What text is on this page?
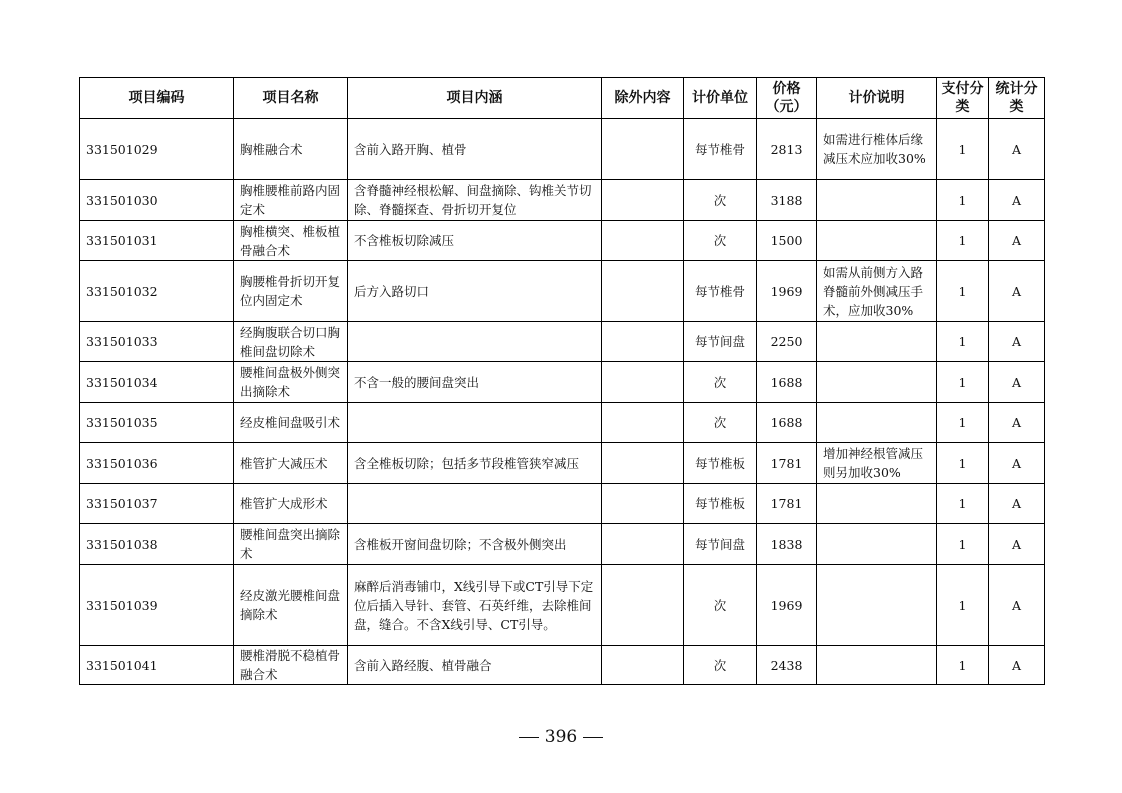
项目编码	项目名称	项目内涵	除外内容	计价单位	价格（元）	计价说明	支付分类	统计分类
331501029	胸椎融合术	含前入路开胸、植骨		每节椎骨	2813	如需进行椎体后缘减压术应加收30%	1	A
331501030	胸椎腰椎前路内固定术	含脊髓神经根松解、间盘摘除、钩椎关节切除、脊髓探查、骨折切开复位		次	3188		1	A
331501031	胸椎横突、椎板植骨融合术	不含椎板切除减压		次	1500		1	A
331501032	胸腰椎骨折切开复位内固定术	后方入路切口		每节椎骨	1969	如需从前侧方入路脊髓前外侧减压手术，应加收30%	1	A
331501033	经胸腹联合切口胸椎间盘切除术			每节间盘	2250		1	A
331501034	腰椎间盘极外侧突出摘除术	不含一般的腰间盘突出		次	1688		1	A
331501035	经皮椎间盘吸引术			次	1688		1	A
331501036	椎管扩大减压术	含全椎板切除；包括多节段椎管狭窄减压		每节椎板	1781	增加神经根管减压则另加收30%	1	A
331501037	椎管扩大成形术			每节椎板	1781		1	A
331501038	腰椎间盘突出摘除术	含椎板开窗间盘切除；不含极外侧突出		每节间盘	1838		1	A
331501039	经皮激光腰椎间盘摘除术	麻醉后消毒铺巾，X线引导下或CT引导下定位后插入导针、套管、石英纤维，去除椎间盘，缝合。不含X线引导、CT引导。		次	1969		1	A
331501041	腰椎滑脱不稳植骨融合术	含前入路经腹、植骨融合		次	2438		1	A
396
